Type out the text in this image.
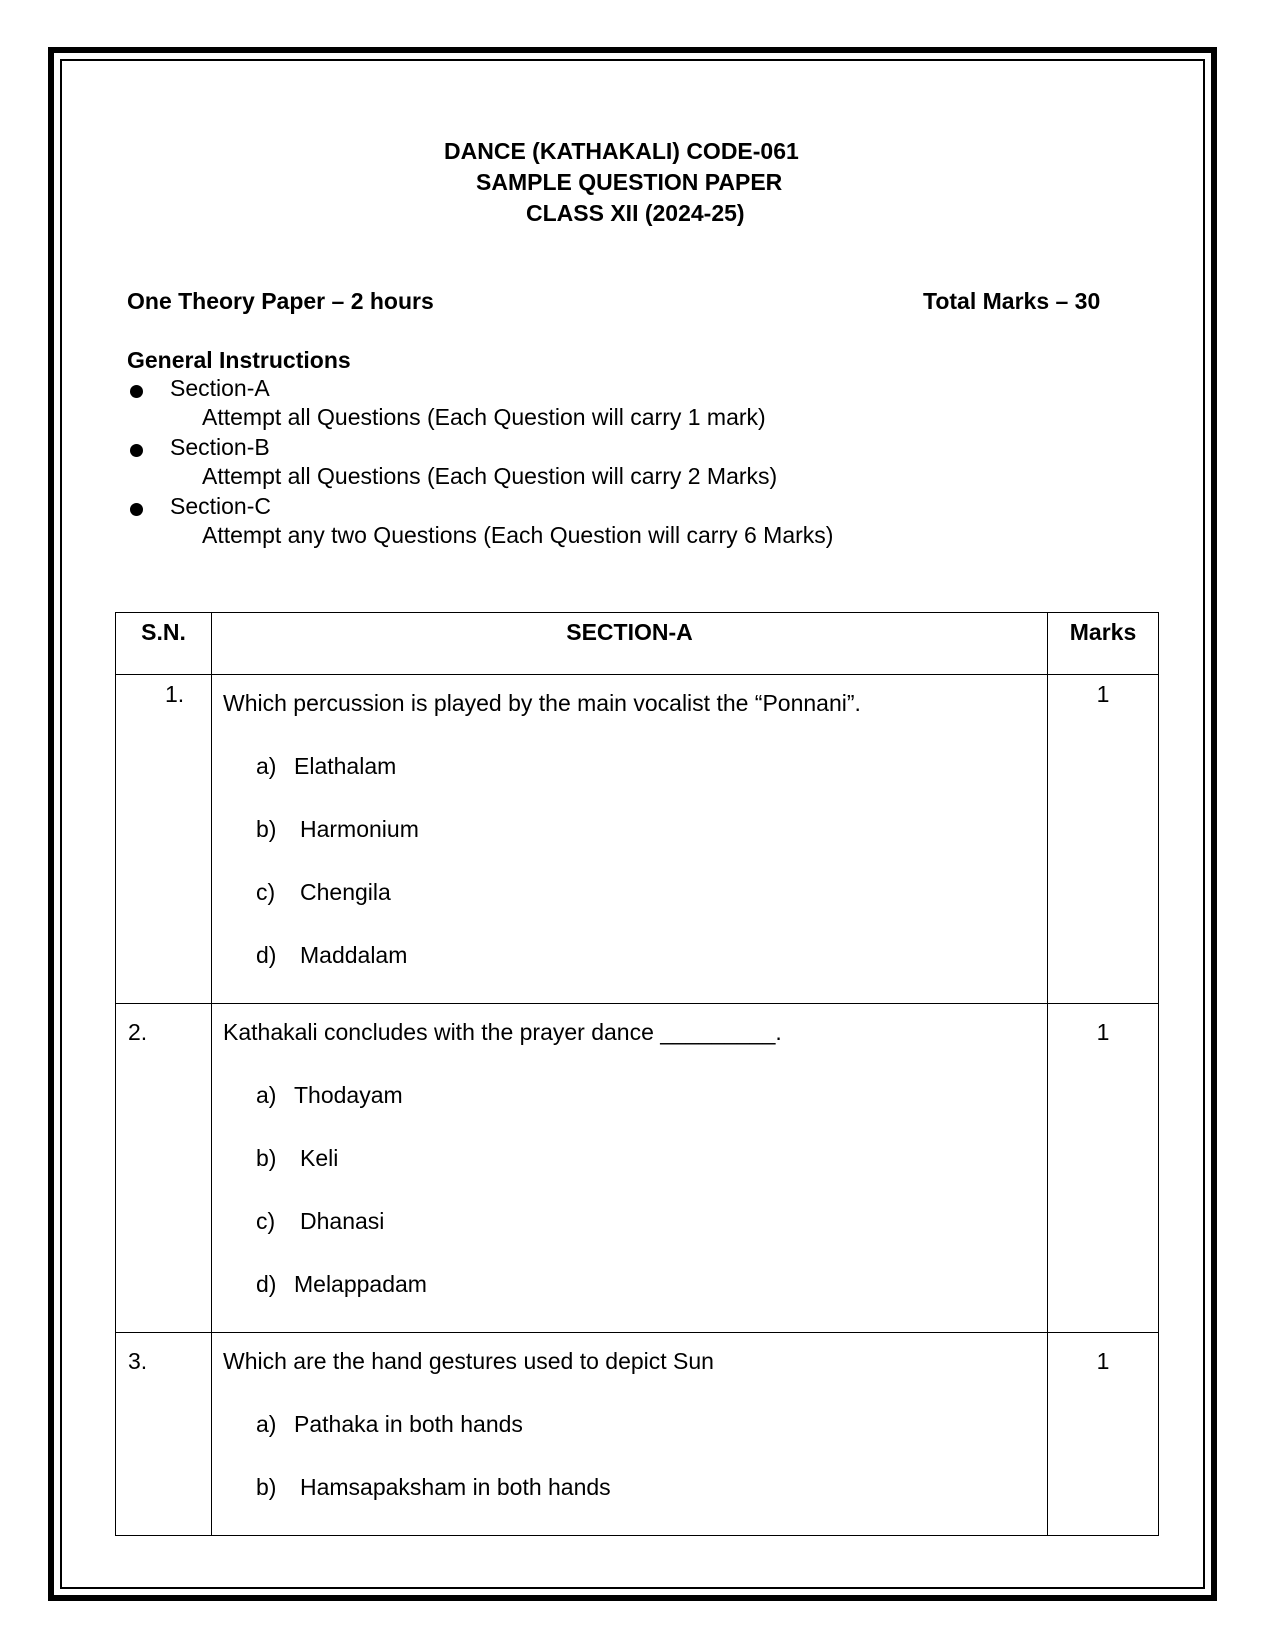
DANCE (KATHAKALI) CODE-061
SAMPLE QUESTION PAPER
CLASS XII (2024-25)
One Theory Paper – 2 hours	Total Marks – 30
General Instructions
Section-A
Attempt all Questions (Each Question will carry 1 mark)
Section-B
Attempt all Questions (Each Question will carry 2 Marks)
Section-C
Attempt any two Questions (Each Question will carry 6 Marks)
S.N.	SECTION-A	Marks

1.	Which percussion is played by the main vocalist the “Ponnani”.
a) Elathalam
b) Harmonium
c) Chengila
d) Maddalam	1

2.	Kathakali concludes with the prayer dance _________.
a) Thodayam
b) Keli
c) Dhanasi
d) Melappadam	1

3.	Which are the hand gestures used to depict Sun
a) Pathaka in both hands
b) Hamsapaksham in both hands	1
